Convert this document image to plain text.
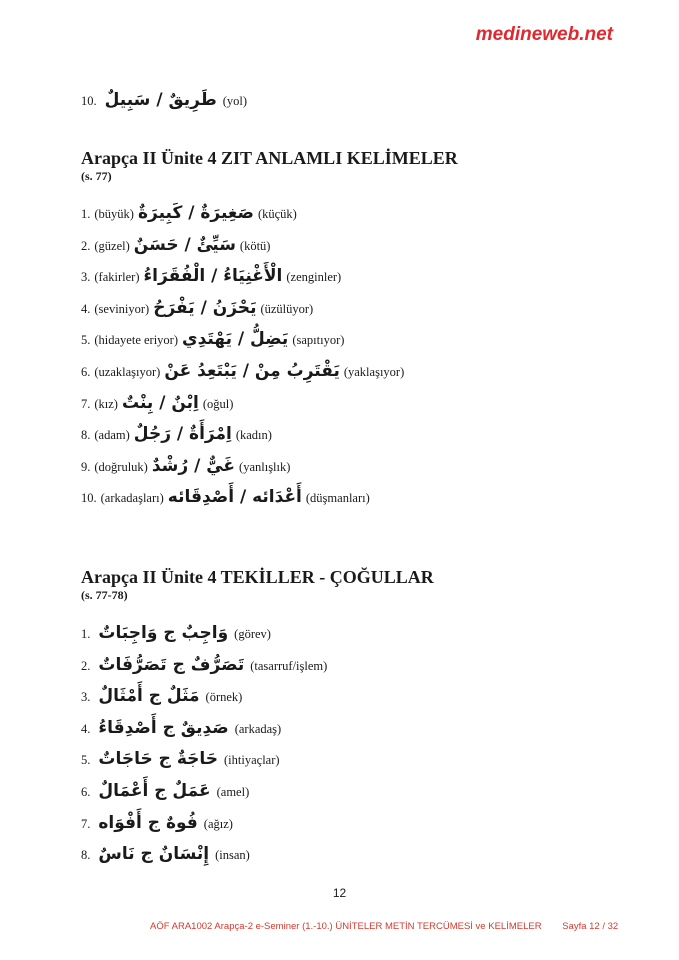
medineweb.net
10. طَرِيقٌ / سَبِيلٌ (yol)
Arapça II Ünite 4 ZIT ANLAMLI KELİMELER
(s. 77)
1. (büyük) صَغِيرَةٌ / كَبِيرَةٌ (küçük)
2. (güzel) سَيِّئٌ / حَسَنٌ (kötü)
3. (fakirler) الْأَغْنِيَاءُ / الْفُقَرَاءُ (zenginler)
4. (seviniyor) يَحْزَنُ / يَفْرَحُ (üzülüyor)
5. (hidayete eriyor) يَضِلُّ / يَهْتَدِي (sapıtıyor)
6. (uzaklaşıyor) يَقْتَرِبُ مِنْ / يَبْتَعِدُ عَنْ (yaklaşıyor)
7. (kız) اِبْنٌ / بِنْتٌ (oğul)
8. (adam) اِمْرَأَةٌ / رَجُلٌ (kadın)
9. (doğruluk) غَيٌّ / رُشْدٌ (yanlışlık)
10. (arkadaşları) أَعْدَائه / أَصْدِقَائه (düşmanları)
Arapça II Ünite 4 TEKİLLER - ÇOĞULLAR
(s. 77-78)
1. وَاجِبٌ ج وَاجِبَاتٌ (görev)
2. تَصَرُّفٌ ج تَصَرُّفَاتٌ (tasarruf/işlem)
3. مَثَلٌ ج أَمْثَالٌ (örnek)
4. صَدِيقٌ ج أَصْدِقَاءُ (arkadaş)
5. حَاجَةٌ ج حَاجَاتٌ (ihtiyaçlar)
6. عَمَلٌ ج أَعْمَالٌ (amel)
7. فُوهٌ ج أَفْوَاه (ağız)
8. إِنْسَانٌ ج نَاسٌ (insan)
12
AÖF ARA1002 Arapça-2 e-Seminer (1.-10.) ÜNİTELER METİN TERCÜMESİ ve KELİMELER Sayfa 12 / 32
